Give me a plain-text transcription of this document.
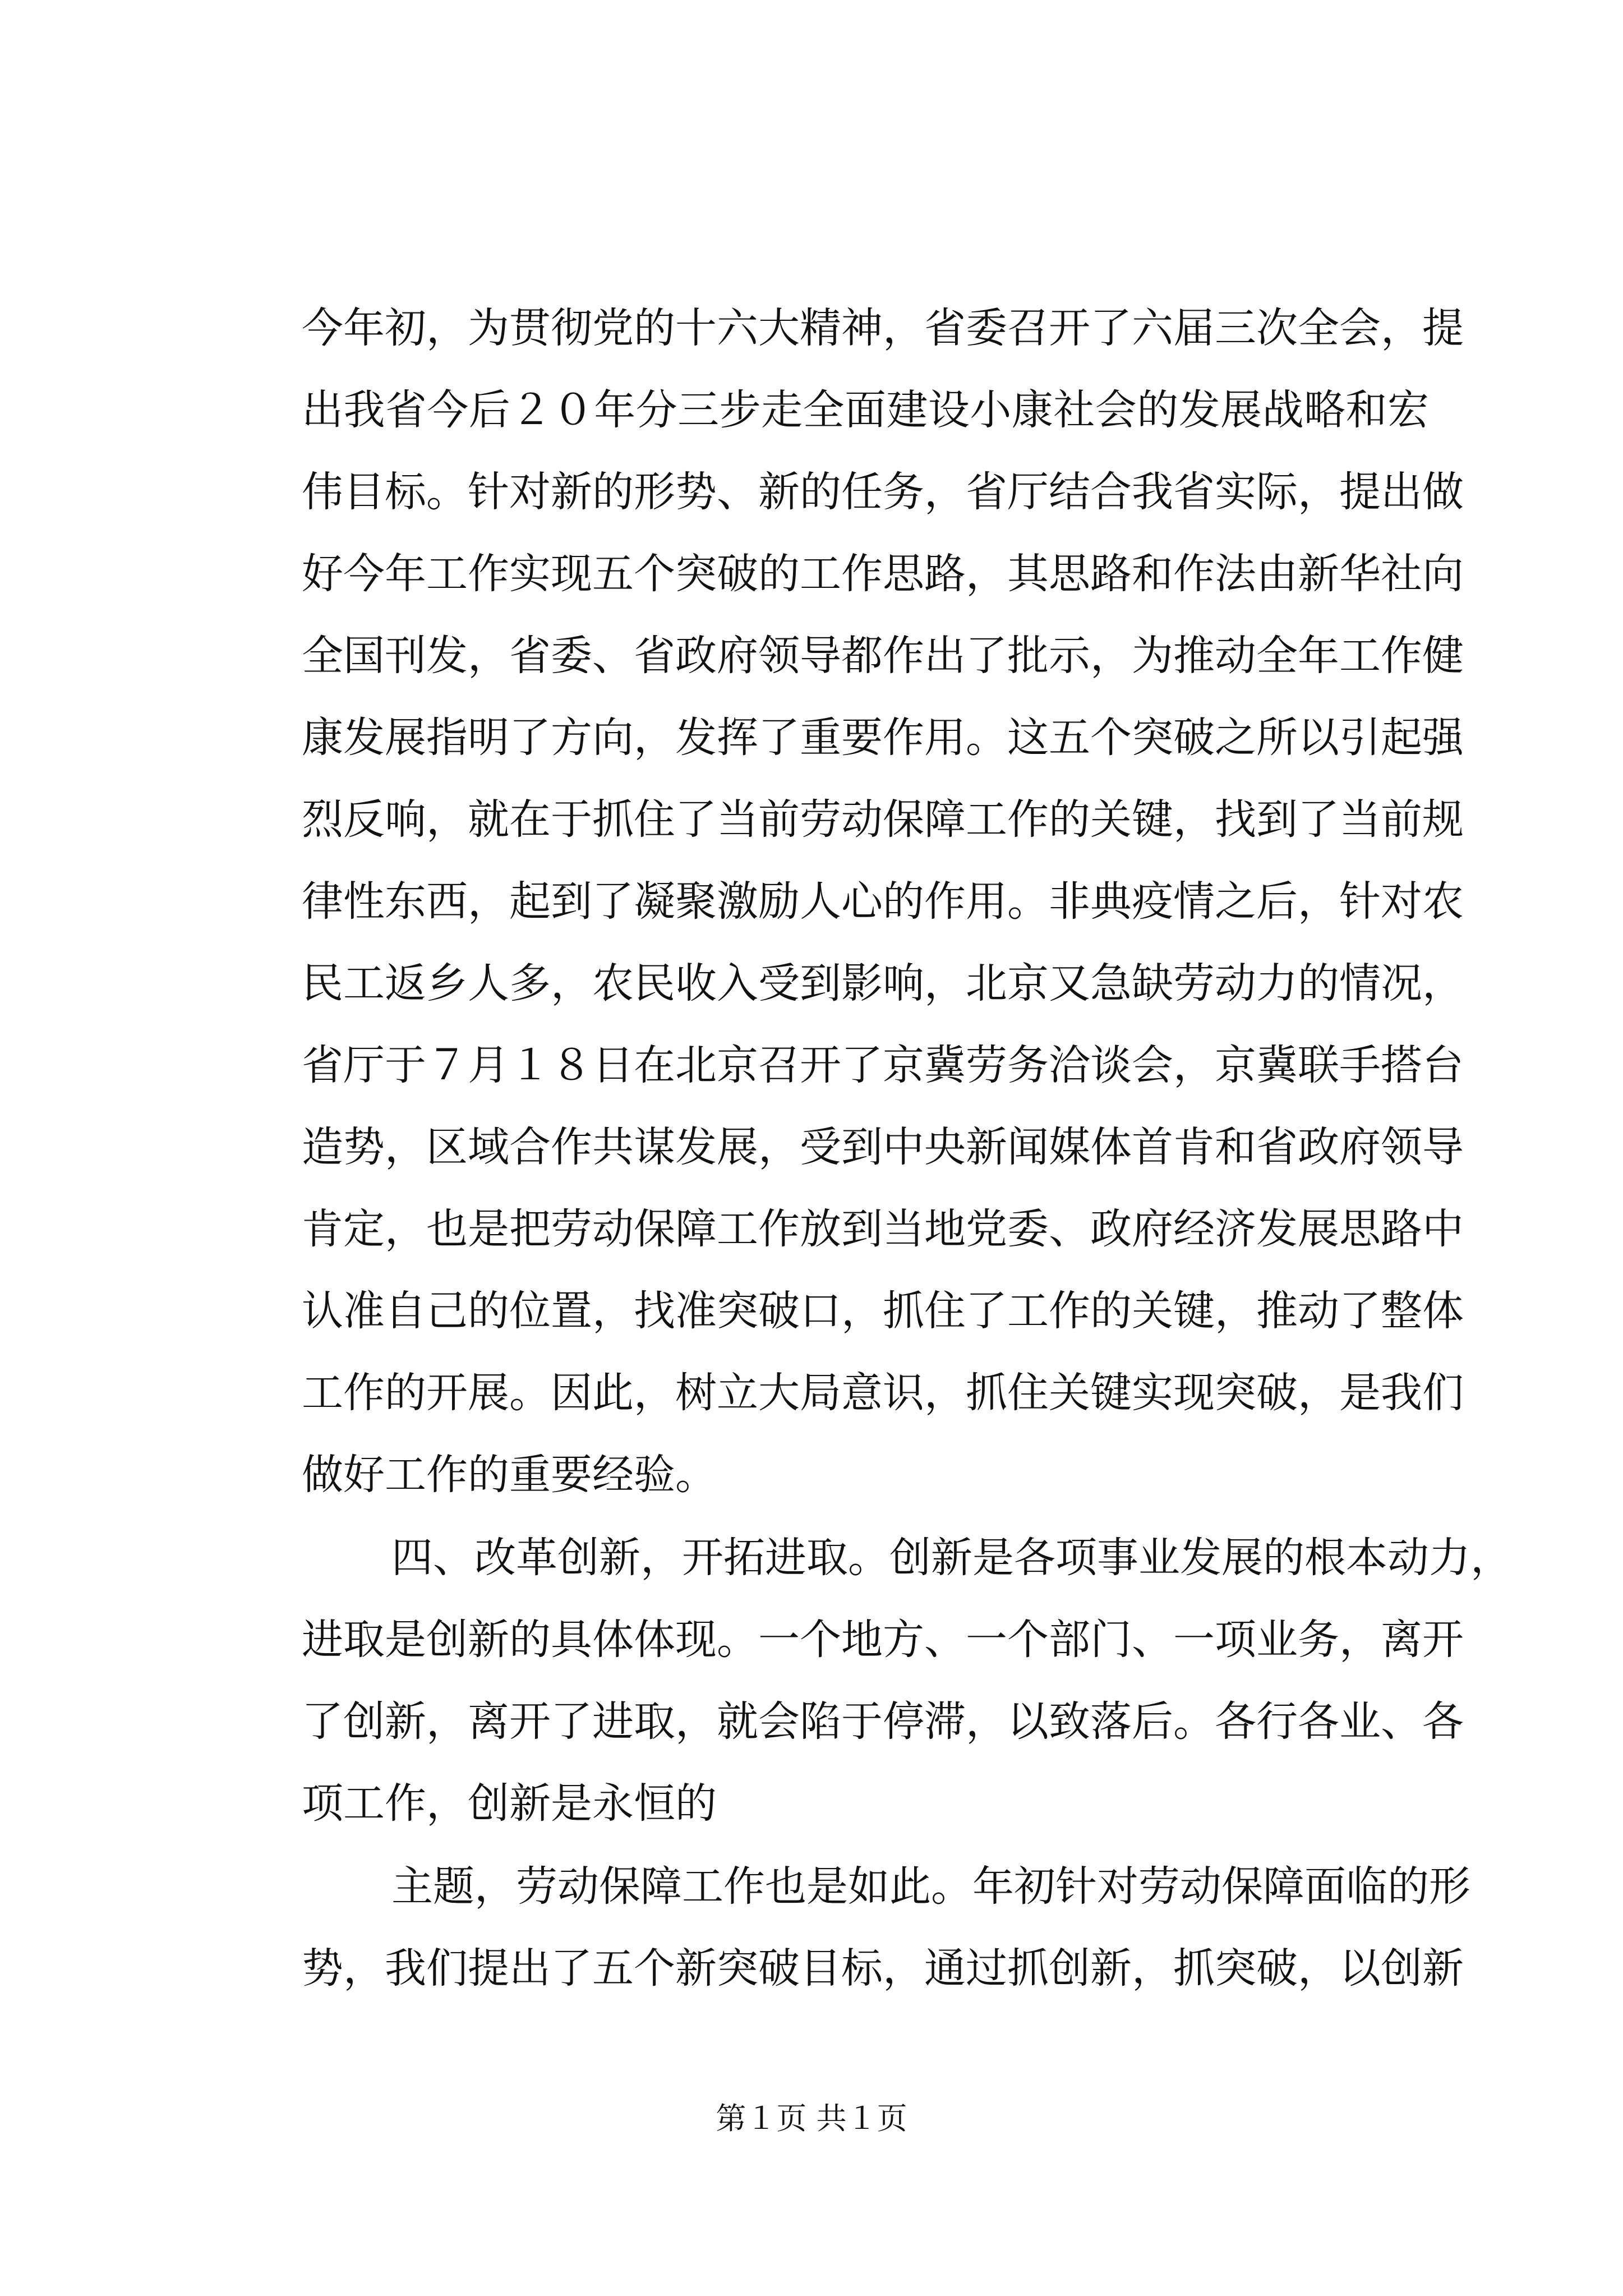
今年初，为贯彻党的十六大精神，省委召开了六届三次全会，提
出我省今后２０年分三步走全面建设小康社会的发展战略和宏
伟目标。针对新的形势、新的任务，省厅结合我省实际，提出做
好今年工作实现五个突破的工作思路，其思路和作法由新华社向
全国刊发，省委、省政府领导都作出了批示，为推动全年工作健
康发展指明了方向，发挥了重要作用。这五个突破之所以引起强
烈反响，就在于抓住了当前劳动保障工作的关键，找到了当前规
律性东西，起到了凝聚激励人心的作用。非典疫情之后，针对农
民工返乡人多，农民收入受到影响，北京又急缺劳动力的情况，
省厅于７月１８日在北京召开了京冀劳务洽谈会，京冀联手搭台
造势，区域合作共谋发展，受到中央新闻媒体首肯和省政府领导
肯定，也是把劳动保障工作放到当地党委、政府经济发展思路中
认准自己的位置，找准突破口，抓住了工作的关键，推动了整体
工作的开展。因此，树立大局意识，抓住关键实现突破，是我们
做好工作的重要经验。
四、改革创新，开拓进取。创新是各项事业发展的根本动力，
进取是创新的具体体现。一个地方、一个部门、一项业务，离开
了创新，离开了进取，就会陷于停滞，以致落后。各行各业、各
项工作，创新是永恒的
主题，劳动保障工作也是如此。年初针对劳动保障面临的形
势，我们提出了五个新突破目标，通过抓创新，抓突破，以创新
第１页 共１页
